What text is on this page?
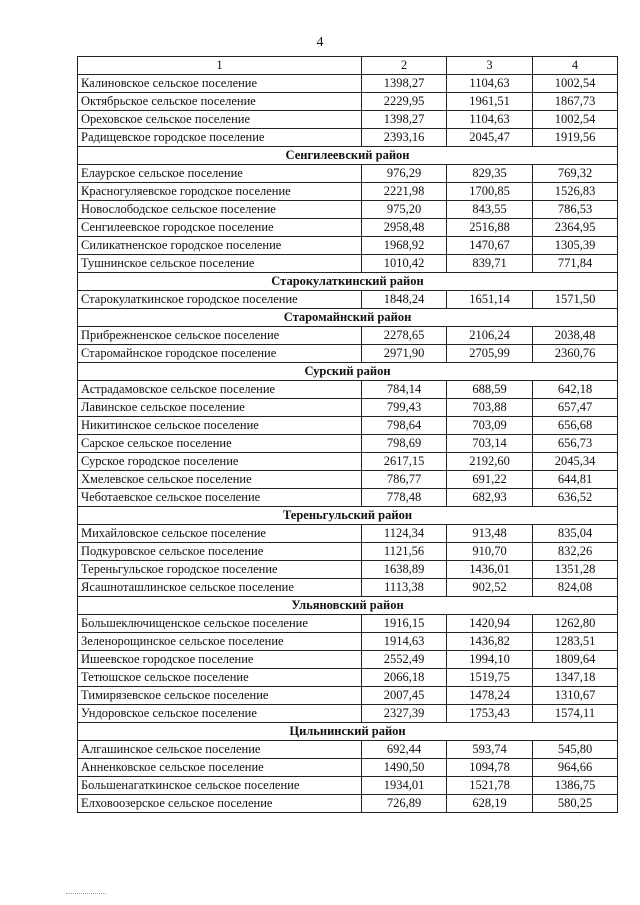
4
1	2	3	4
Калиновское сельское поселение	1398,27	1104,63	1002,54
Октябрьское сельское поселение	2229,95	1961,51	1867,73
Ореховское сельское поселение	1398,27	1104,63	1002,54
Радищевское городское поселение	2393,16	2045,47	1919,56
Сенгилеевский район			
Елаурское сельское поселение	976,29	829,35	769,32
Красногуляевское городское поселение	2221,98	1700,85	1526,83
Новослободское сельское поселение	975,20	843,55	786,53
Сенгилеевское городское поселение	2958,48	2516,88	2364,95
Силикатненское городское поселение	1968,92	1470,67	1305,39
Тушнинское сельское поселение	1010,42	839,71	771,84
Старокулаткинский район			
Старокулаткинское городское поселение	1848,24	1651,14	1571,50
Старомайнский район			
Прибрежненское сельское поселение	2278,65	2106,24	2038,48
Старомайнское городское поселение	2971,90	2705,99	2360,76
Сурский район			
Астрадамовское сельское поселение	784,14	688,59	642,18
Лавинское сельское поселение	799,43	703,88	657,47
Никитинское сельское поселение	798,64	703,09	656,68
Сарское сельское поселение	798,69	703,14	656,73
Сурское городское поселение	2617,15	2192,60	2045,34
Хмелевское сельское поселение	786,77	691,22	644,81
Чеботаевское сельское поселение	778,48	682,93	636,52
Тереньгульский район			
Михайловское сельское поселение	1124,34	913,48	835,04
Подкуровское сельское поселение	1121,56	910,70	832,26
Тереньгульское городское поселение	1638,89	1436,01	1351,28
Ясашноташлинское сельское поселение	1113,38	902,52	824,08
Ульяновский район			
Большеключищенское сельское поселение	1916,15	1420,94	1262,80
Зеленорощинское сельское поселение	1914,63	1436,82	1283,51
Ишеевское городское поселение	2552,49	1994,10	1809,64
Тетюшское сельское поселение	2066,18	1519,75	1347,18
Тимирязевское сельское поселение	2007,45	1478,24	1310,67
Ундоровское сельское поселение	2327,39	1753,43	1574,11
Цильнинский район			
Алгашинское сельское поселение	692,44	593,74	545,80
Анненковское сельское поселение	1490,50	1094,78	964,66
Большенагаткинское сельское поселение	1934,01	1521,78	1386,75
Елховоозерское сельское поселение	726,89	628,19	580,25
